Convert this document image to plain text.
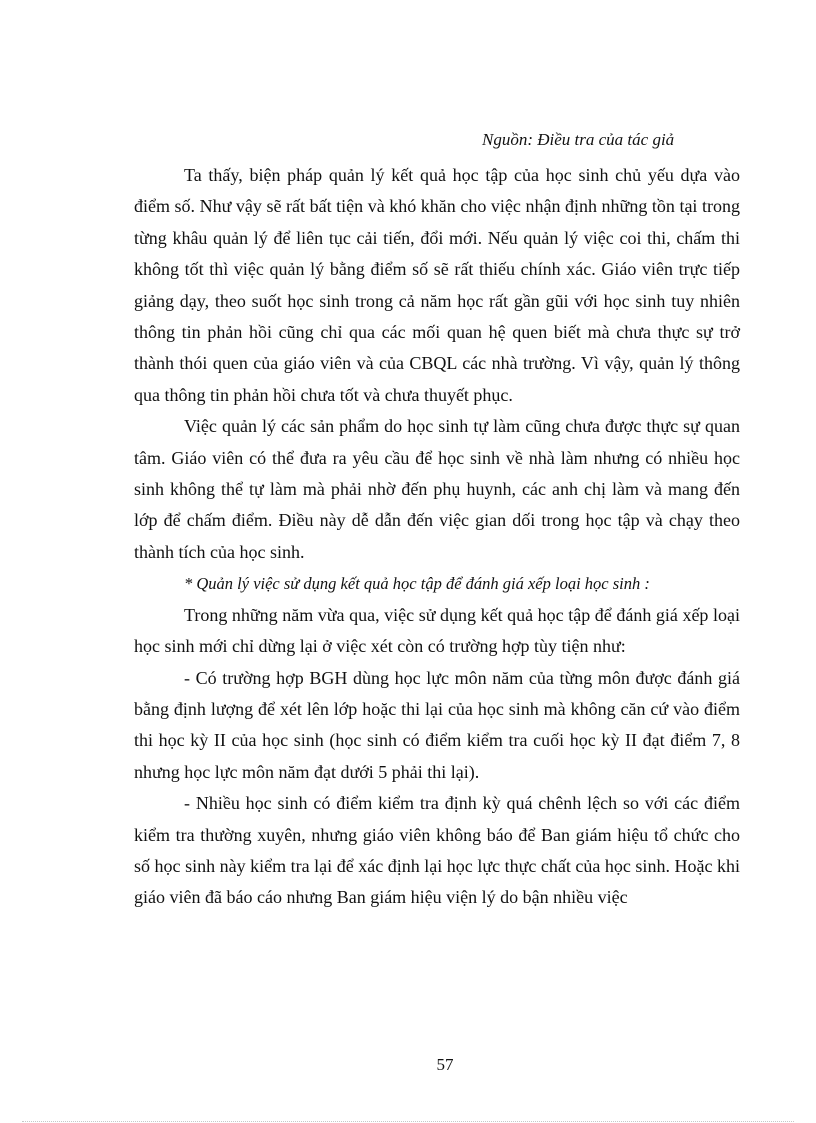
Nguồn: Điều tra của tác giả

Ta thấy, biện pháp quản lý kết quả học tập của học sinh chủ yếu dựa vào điểm số. Như vậy sẽ rất bất tiện và khó khăn cho việc nhận định những tồn tại trong từng khâu quản lý để liên tục cải tiến, đổi mới. Nếu quản lý việc coi thi, chấm thi không tốt thì việc quản lý bằng điểm số sẽ rất thiếu chính xác. Giáo viên trực tiếp giảng dạy, theo suốt học sinh trong cả năm học rất gần gũi với học sinh tuy nhiên thông tin phản hồi cũng chỉ qua các mối quan hệ quen biết mà chưa thực sự trở thành thói quen của giáo viên và của CBQL các nhà trường. Vì vậy, quản lý thông qua thông tin phản hồi chưa tốt và chưa thuyết phục.

Việc quản lý các sản phẩm do học sinh tự làm cũng chưa được thực sự quan tâm. Giáo viên có thể đưa ra yêu cầu để học sinh về nhà làm nhưng có nhiều học sinh không thể tự làm mà phải nhờ đến phụ huynh, các anh chị làm và mang đến lớp để chấm điểm. Điều này dễ dẫn đến việc gian dối trong học tập và chạy theo thành tích của học sinh.

* Quản lý việc sử dụng kết quả học tập để đánh giá xếp loại học sinh :

Trong những năm vừa qua, việc sử dụng kết quả học tập để đánh giá xếp loại học sinh mới chỉ dừng lại ở việc xét còn có trường hợp tùy tiện như:

- Có trường hợp BGH dùng học lực môn năm của từng môn được đánh giá bằng định lượng để xét lên lớp hoặc thi lại của học sinh mà không căn cứ vào điểm thi học kỳ II của học sinh (học sinh có điểm kiểm tra cuối học kỳ II đạt điểm 7, 8 nhưng học lực môn năm đạt dưới 5 phải thi lại).

- Nhiều học sinh có điểm kiểm tra định kỳ quá chênh lệch so với các điểm kiểm tra thường xuyên, nhưng giáo viên không báo để Ban giám hiệu tổ chức cho số học sinh này kiểm tra lại để xác định lại học lực thực chất của học sinh. Hoặc khi giáo viên đã báo cáo nhưng Ban giám hiệu viện lý do bận nhiều việc

57
